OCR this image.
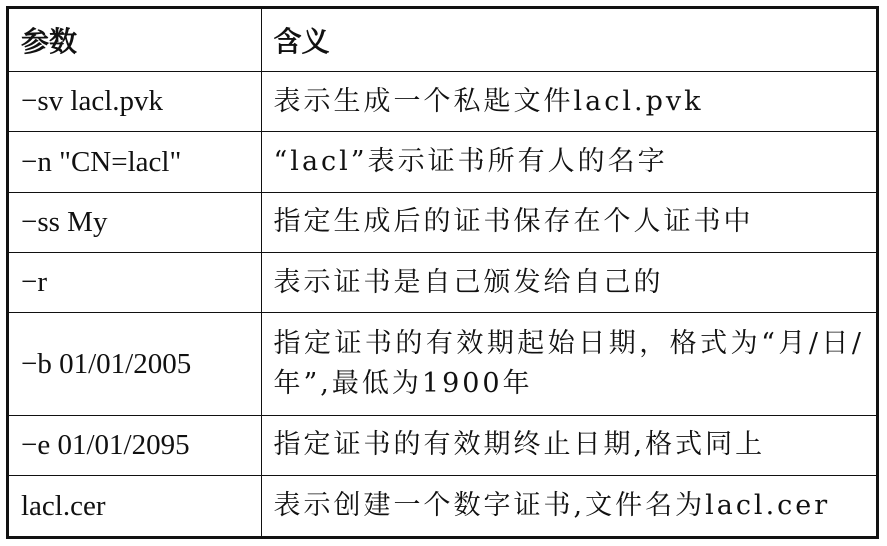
参数	含义
−sv lacl.pvk	表示生成一个私匙文件lacl.pvk
−n "CN=lacl"	“lacl”表示证书所有人的名字
−ss My	指定生成后的证书保存在个人证书中
−r	表示证书是自己颁发给自己的
−b 01/01/2005	指定证书的有效期起始日期，格式为“月/日/年”,最低为1900年
−e 01/01/2095	指定证书的有效期终止日期,格式同上
lacl.cer	表示创建一个数字证书,文件名为lacl.cer
